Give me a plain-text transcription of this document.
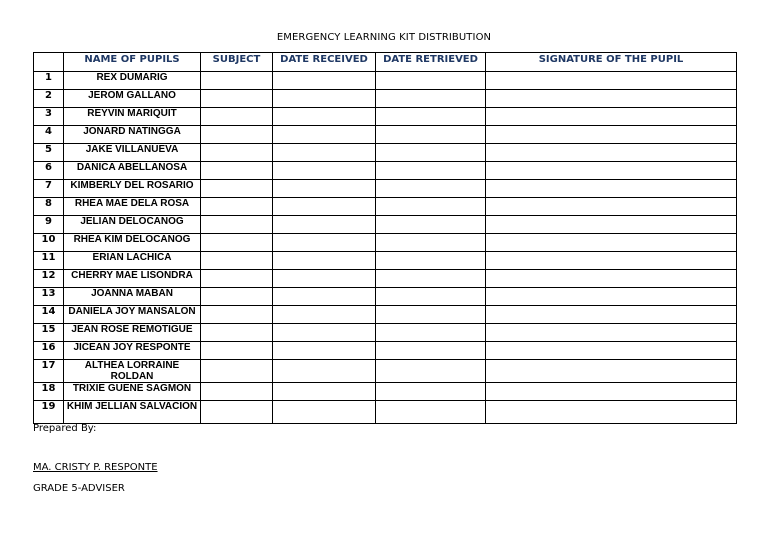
EMERGENCY LEARNING KIT DISTRIBUTION
	NAME OF PUPILS	SUBJECT	DATE RECEIVED	DATE RETRIEVED	SIGNATURE OF THE PUPIL
1	REX DUMARIG				
2	JEROM GALLANO				
3	REYVIN MARIQUIT				
4	JONARD NATINGGA				
5	JAKE VILLANUEVA				
6	DANICA ABELLANOSA				
7	KIMBERLY DEL ROSARIO				
8	RHEA MAE DELA ROSA				
9	JELIAN DELOCANOG				
10	RHEA KIM DELOCANOG				
11	ERIAN LACHICA				
12	CHERRY MAE LISONDRA				
13	JOANNA MABAN				
14	DANIELA JOY MANSALON				
15	JEAN ROSE REMOTIGUE				
16	JICEAN JOY RESPONTE				
17	ALTHEA LORRAINE ROLDAN				
18	TRIXIE GUENE SAGMON				
19	KHIM JELLIAN SALVACION				
Prepared By:
MA. CRISTY P. RESPONTE
GRADE 5-ADVISER
